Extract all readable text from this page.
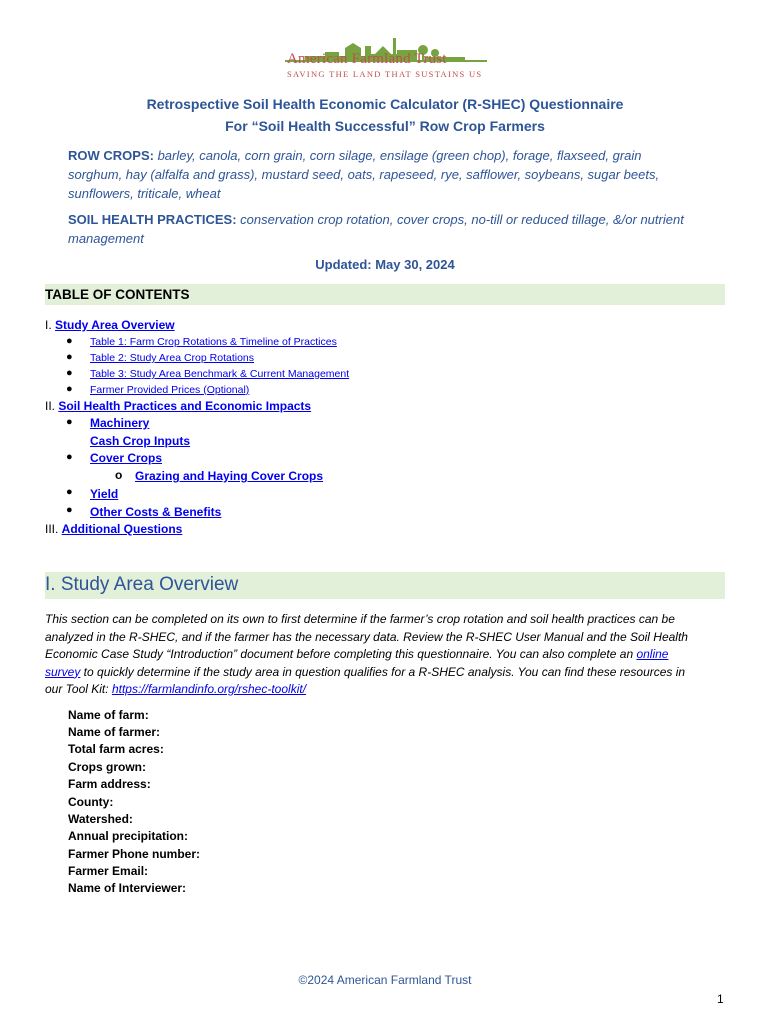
American Farmland Trust
SAVING THE LAND THAT SUSTAINS US
Retrospective Soil Health Economic Calculator (R-SHEC) Questionnaire
For “Soil Health Successful” Row Crop Farmers
ROW CROPS: barley, canola, corn grain, corn silage, ensilage (green chop), forage, flaxseed, grain
sorghum, hay (alfalfa and grass), mustard seed, oats, rapeseed, rye, safflower, soybeans, sugar beets,
sunflowers, triticale, wheat
SOIL HEALTH PRACTICES: conservation crop rotation, cover crops, no-till or reduced tillage, &/or nutrient
management
Updated: May 30, 2024
TABLE OF CONTENTS
I. Study Area Overview
● Table 1: Farm Crop Rotations & Timeline of Practices
● Table 2: Study Area Crop Rotations
● Table 3: Study Area Benchmark & Current Management
● Farmer Provided Prices (Optional)
II. Soil Health Practices and Economic Impacts
● Machinery
Cash Crop Inputs
● Cover Crops
o Grazing and Haying Cover Crops
● Yield
● Other Costs & Benefits
III. Additional Questions
I. Study Area Overview
This section can be completed on its own to first determine if the farmer’s crop rotation and soil health practices can be
analyzed in the R-SHEC, and if the farmer has the necessary data. Review the R-SHEC User Manual and the Soil Health
Economic Case Study “Introduction” document before completing this questionnaire. You can also complete an online
survey to quickly determine if the study area in question qualifies for a R-SHEC analysis. You can find these resources in
our Tool Kit: https://farmlandinfo.org/rshec-toolkit/
Name of farm:
Name of farmer:
Total farm acres:
Crops grown:
Farm address:
County:
Watershed:
Annual precipitation:
Farmer Phone number:
Farmer Email:
Name of Interviewer:
©2024 American Farmland Trust
1
